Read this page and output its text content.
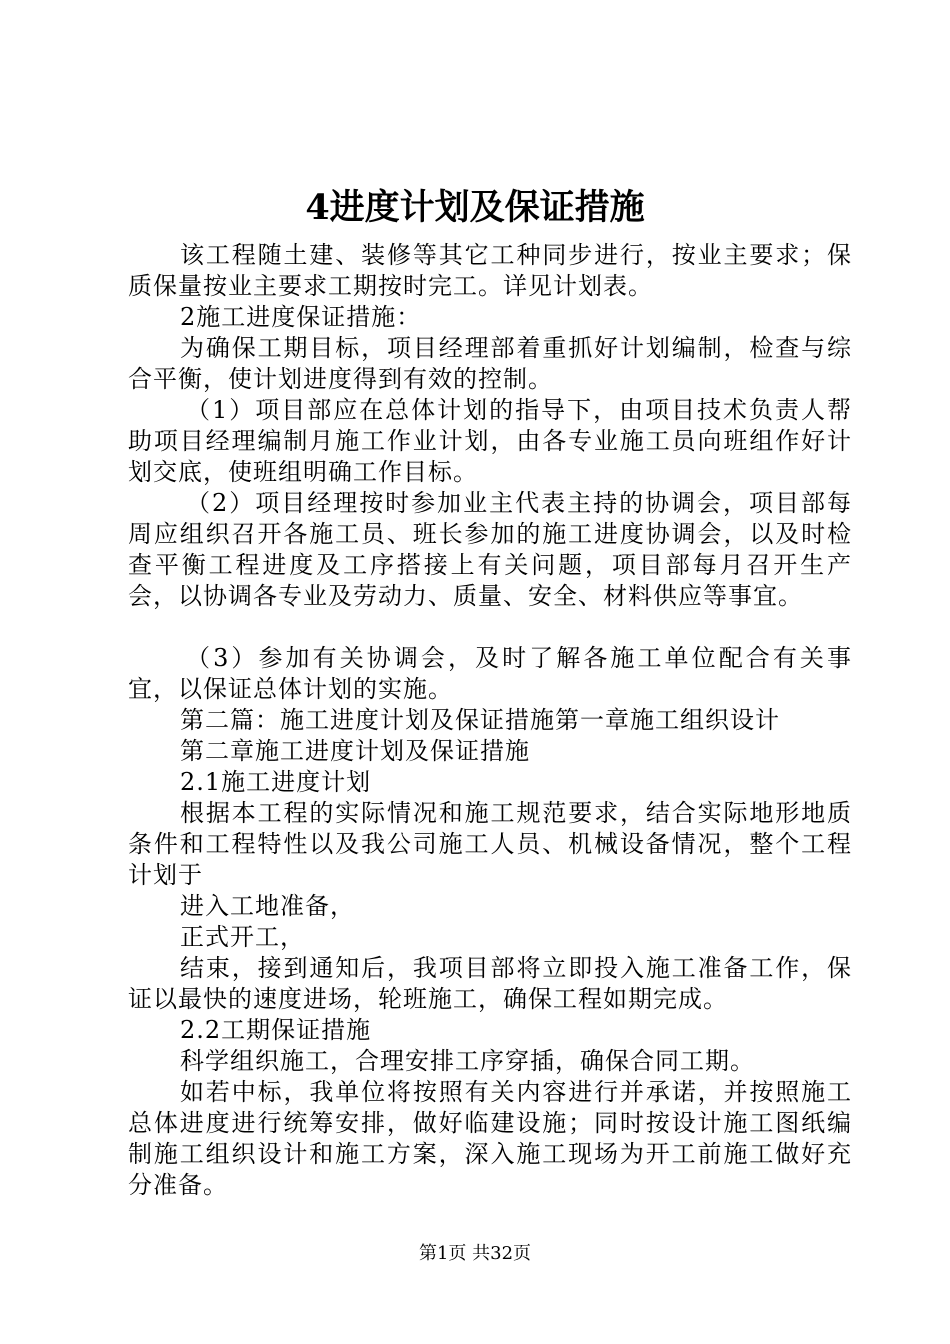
4进度计划及保证措施

该工程随土建、装修等其它工种同步进行，按业主要求；保质保量按业主要求工期按时完工。详见计划表。

2施工进度保证措施：

为确保工期目标，项目经理部着重抓好计划编制，检查与综合平衡，使计划进度得到有效的控制。

（1）项目部应在总体计划的指导下，由项目技术负责人帮助项目经理编制月施工作业计划，由各专业施工员向班组作好计划交底，使班组明确工作目标。

（2）项目经理按时参加业主代表主持的协调会，项目部每周应组织召开各施工员、班长参加的施工进度协调会，以及时检查平衡工程进度及工序搭接上有关问题，项目部每月召开生产会，以协调各专业及劳动力、质量、安全、材料供应等事宜。

（3）参加有关协调会，及时了解各施工单位配合有关事宜，以保证总体计划的实施。

第二篇：施工进度计划及保证措施第一章施工组织设计

第二章施工进度计划及保证措施

2.1施工进度计划

根据本工程的实际情况和施工规范要求，结合实际地形地质条件和工程特性以及我公司施工人员、机械设备情况，整个工程计划于

进入工地准备，

正式开工，

结束，接到通知后，我项目部将立即投入施工准备工作，保证以最快的速度进场，轮班施工，确保工程如期完成。

2.2工期保证措施

科学组织施工，合理安排工序穿插，确保合同工期。

如若中标，我单位将按照有关内容进行并承诺，并按照施工总体进度进行统筹安排，做好临建设施；同时按设计施工图纸编制施工组织设计和施工方案，深入施工现场为开工前施工做好充分准备。

第1页 共32页
